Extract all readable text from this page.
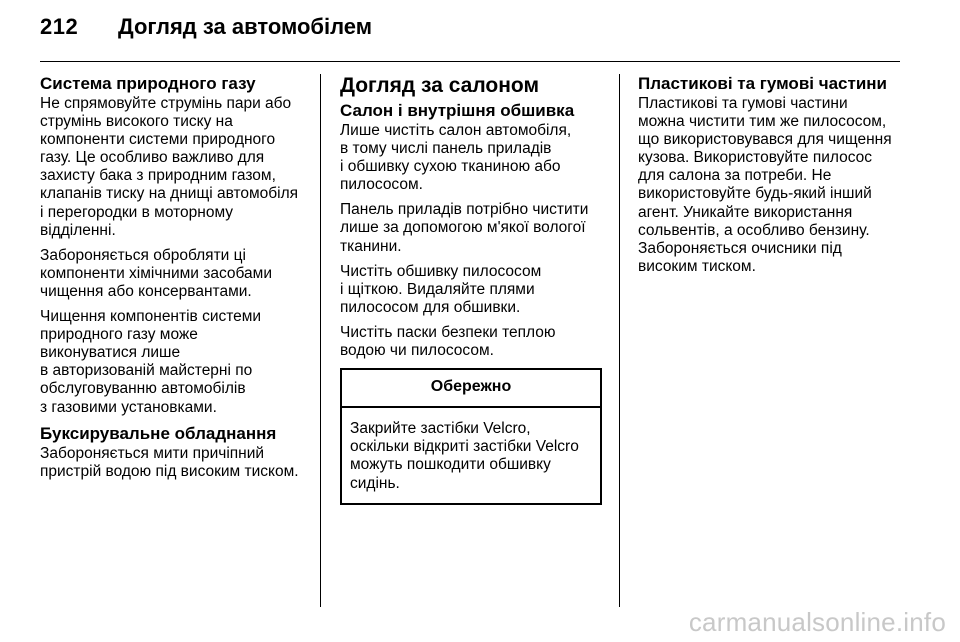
212 Догляд за автомобілем
Система природного газу

Не спрямовуйте струмінь пари або
струмінь високого тиску на
компоненти системи природного
газу. Це особливо важливо для
захисту бака з природним газом,
клапанів тиску на днищі автомобіля
і перегородки в моторному
відділенні.

Забороняється обробляти ці
компоненти хімічними засобами
чищення або консервантами.

Чищення компонентів системи
природного газу може
виконуватися лише
в авторизованій майстерні по
обслуговуванню автомобілів
з газовими установками.

Буксирувальне обладнання

Забороняється мити причіпний
пристрій водою під високим тиском.

Догляд за салоном
Салон і внутрішня обшивка

Лише чистіть салон автомобіля,
в тому числі панель приладів
і обшивку сухою тканиною або
пилососом.

Панель приладів потрібно чистити
лише за допомогою м'якої вологої
тканини.

Чистіть обшивку пилососом
і щіткою. Видаляйте плями
пилососом для обшивки.

Чистіть паски безпеки теплою
водою чи пилососом.

Обережно
Закрийте застібки Velcro,
оскільки відкриті застібки Velcro
можуть пошкодити обшивку
сидінь.
Пластикові та гумові частини

Пластикові та гумові частини
можна чистити тим же пилососом,
що використовувався для чищення
кузова. Використовуйте пилосос
для салона за потреби. Не
використовуйте будь-який інший
агент. Уникайте використання
сольвентів, а особливо бензину.
Забороняється очисники під
високим тиском.

carmanualsonline.info
